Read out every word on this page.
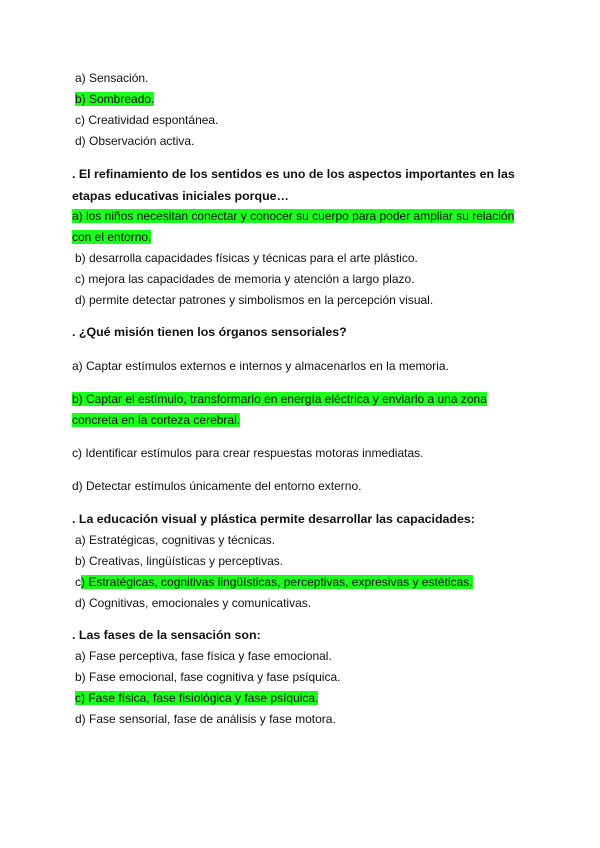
a) Sensación.
b) Sombreado.
c) Creatividad espontánea.
d) Observación activa.
. El refinamiento de los sentidos es uno de los aspectos importantes en las
etapas educativas iniciales porque…
a) los niños necesitan conectar y conocer su cuerpo para poder ampliar su relación
con el entorno.
b) desarrolla capacidades físicas y técnicas para el arte plástico.
c) mejora las capacidades de memoria y atención a largo plazo.
d) permite detectar patrones y simbolismos en la percepción visual.
. ¿Qué misión tienen los órganos sensoriales?
a) Captar estímulos externos e internos y almacenarlos en la memoria.
b) Captar el estímulo, transformarlo en energía eléctrica y enviarlo a una zona
concreta en la corteza cerebral.
c) Identificar estímulos para crear respuestas motoras inmediatas.
d) Detectar estímulos únicamente del entorno externo.
. La educación visual y plástica permite desarrollar las capacidades:
a) Estratégicas, cognitivas y técnicas.
b) Creativas, lingüísticas y perceptivas.
c) Estratégicas, cognitivas lingüísticas, perceptivas, expresivas y estéticas.
d) Cognitivas, emocionales y comunicativas.
. Las fases de la sensación son:
a) Fase perceptiva, fase física y fase emocional.
b) Fase emocional, fase cognitiva y fase psíquica.
c) Fase física, fase fisiológica y fase psíquica.
d) Fase sensorial, fase de análisis y fase motora.
